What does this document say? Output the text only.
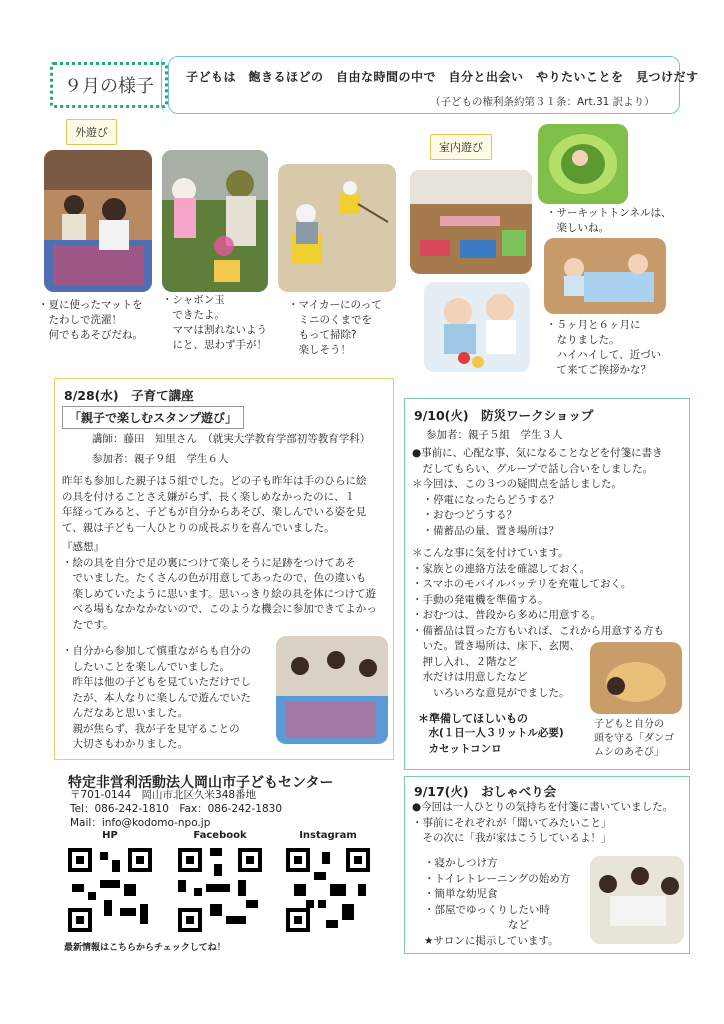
９月の様子	子どもは　飽きるほどの　自由な時間の中で　自分と出会い　やりたいことを　見つけだす
（子どもの権利条約第３１条：Art.31 訳より）
外遊び
・夏に使ったマットを
　たわしで洗濯！
　何でもあそびだね。
・シャボン玉
　できたよ。
　ママは割れないよう
　にと、思わず手が！
・マイカーにのって
　ミニのくまでを
　もって掃除?
　楽しそう！
室内遊び
・サーキットトンネルは、
　楽しいね。
・５ヶ月と６ヶ月に
　なりました。
　ハイハイして、近づい
　て来てご挨拶かな？
8/28(水)　子育て講座
「親子で楽しむスタンプ遊び」
講師：藤田　知里さん　（就実大学教育学部初等教育学科）
参加者：親子９組　学生６人
昨年も参加した親子は５組でした。どの子も昨年は手のひらに絵
の具を付けることさえ嫌がらず、長く楽しめなかったのに、１
年経ってみると、子どもが自分からあそび、楽しんでいる姿を見
て、親は子ども一人ひとりの成長ぶりを喜んでいました。
『感想』
・絵の具を自分で足の裏につけて楽しそうに足跡をつけてあそ
　でいました。たくさんの色が用意してあったので、色の違いも
　楽しめていたように思います。思いっきり絵の具を体につけて遊
　べる場もなかなかないので、このような機会に参加できてよかっ
　たです。
・自分から参加して慎重ながらも自分の
　したいことを楽しんでいました。
　昨年は他の子どもを見ていただけでし
　たが、本人なりに楽しんで遊んでいた
　んだなあと思いました。
　親が焦らず、我が子を見守ることの
　大切さもわかりました。
9/10(火)　防災ワークショップ
参加者：親子５組　学生３人
●事前に、心配な事、気になることなどを付箋に書き
　だしてもらい、グループで話し合いをしました。
＊今回は、この３つの疑問点を話しました。
　・停電になったらどうする？
　・おむつどうする？
　・備蓄品の量、置き場所は？
＊こんな事に気を付けています。
・家族との連絡方法を確認しておく。
・スマホのモバイルバッテリを充電しておく。
・手動の発電機を準備する。
・おむつは、普段から多めに用意する。
・備蓄品は買った方もいれば、これから用意する方も
　いた。置き場所は、床下、玄関、
　押し入れ、２階など
　水だけは用意したなど
　　いろいろな意見がでました。
＊準備してほしいもの
　水(１日一人３リットル必要)
　カセットコンロ
子どもと自分の
頭を守る「ダンゴ
ムシのあそび」
9/17(火)　おしゃべり会
●今回は一人ひとりの気持ちを付箋に書いていました。
・事前にそれぞれが「聞いてみたいこと」
　その次に「我が家はこうしているよ！」
・寝かしつけ方
・トイレトレーニングの始め方
・簡単な幼児食
・部屋でゆっくりしたい時
　　　　　　　　など
★サロンに掲示しています。
特定非営利活動法人岡山市子どもセンター
〒701-0144　岡山市北区久米348番地
Tel：086-242-1810　Fax：086-242-1830
Mail：info@kodomo-npo.jp
HP	Facebook	Instagram
最新情報はこちらからチェックしてね！
